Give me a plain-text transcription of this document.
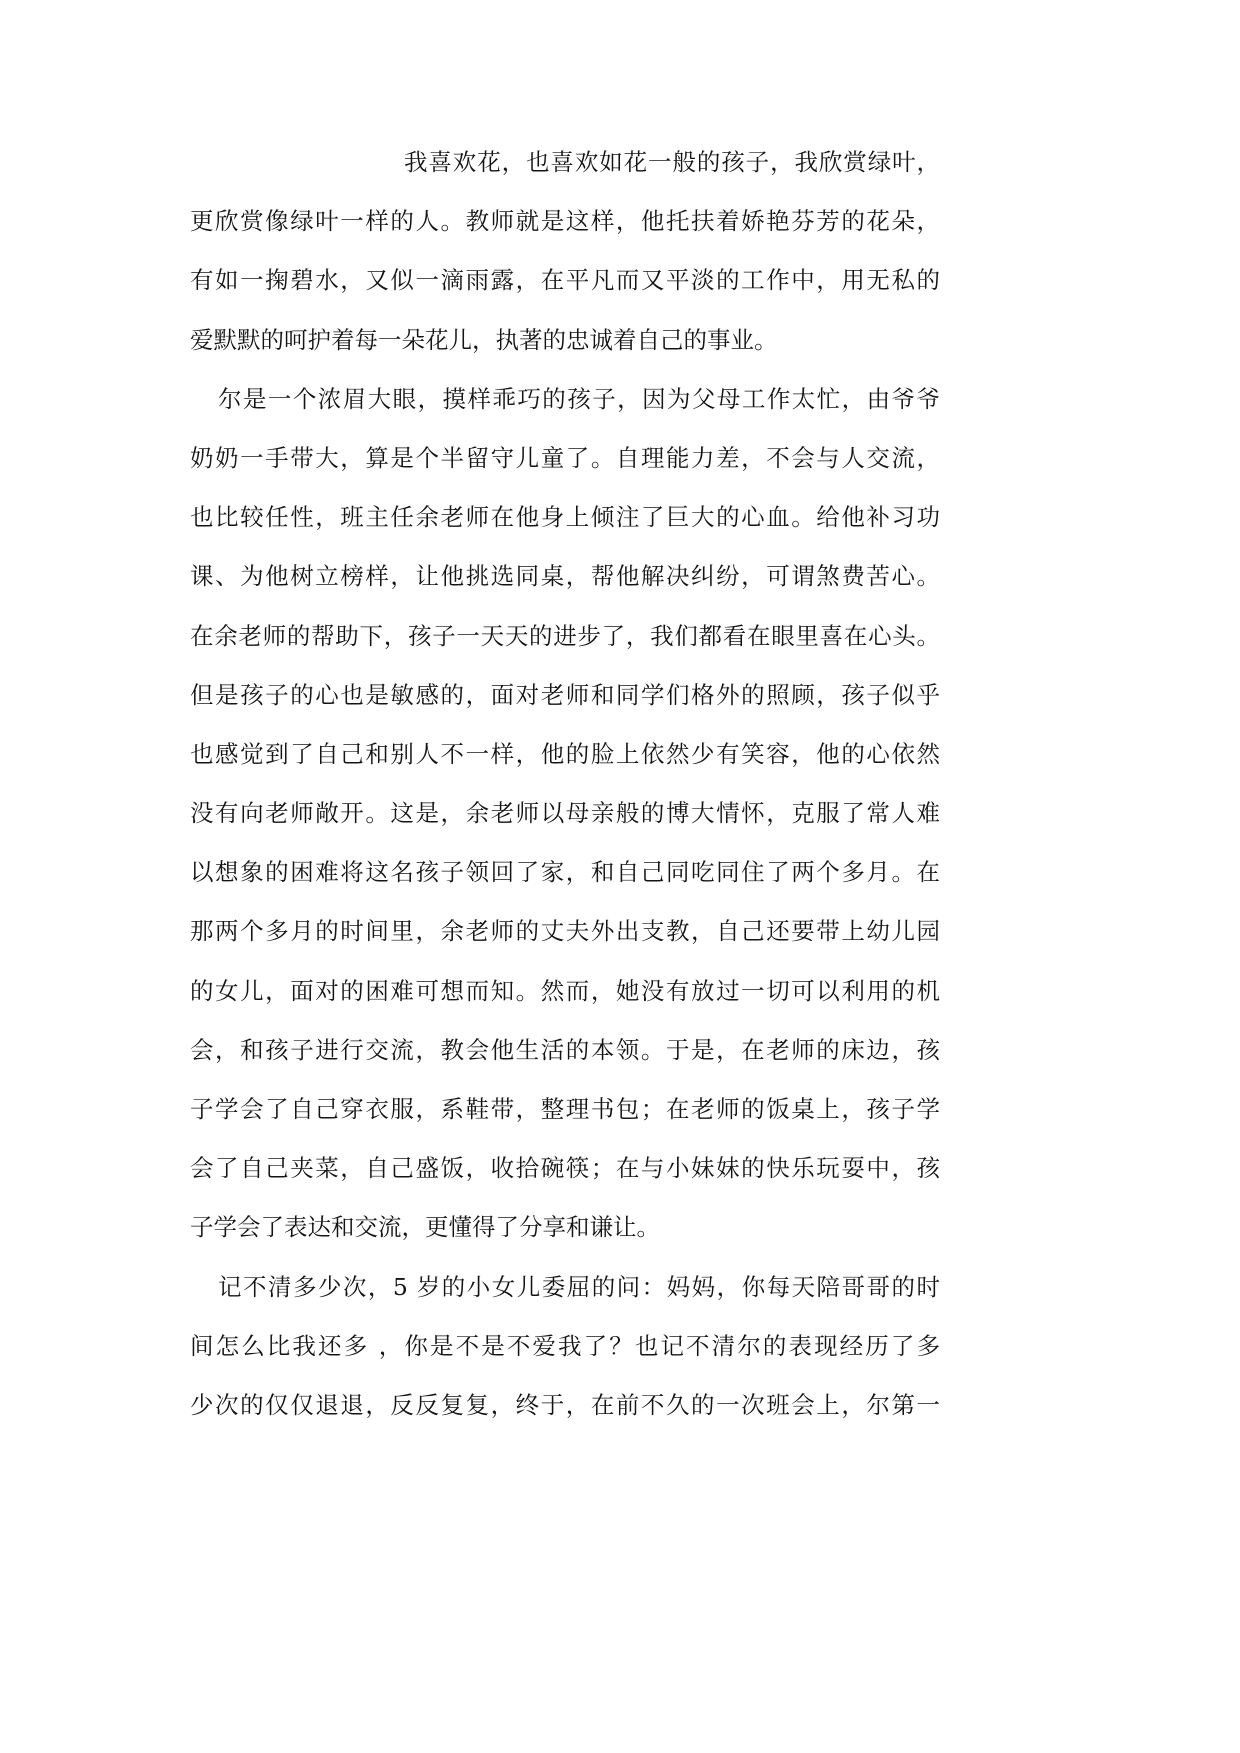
我喜欢花，也喜欢如花一般的孩子，我欣赏绿叶，
更欣赏像绿叶一样的人。教师就是这样，他托扶着娇艳芬芳的花朵，
有如一掬碧水，又似一滴雨露，在平凡而又平淡的工作中，用无私的
爱默默的呵护着每一朵花儿，执著的忠诚着自己的事业。
尔是一个浓眉大眼，摸样乖巧的孩子，因为父母工作太忙，由爷爷
奶奶一手带大，算是个半留守儿童了。自理能力差，不会与人交流，
也比较任性，班主任余老师在他身上倾注了巨大的心血。给他补习功
课、为他树立榜样，让他挑选同桌，帮他解决纠纷，可谓煞费苦心。
在余老师的帮助下，孩子一天天的进步了，我们都看在眼里喜在心头。
但是孩子的心也是敏感的，面对老师和同学们格外的照顾，孩子似乎
也感觉到了自己和别人不一样，他的脸上依然少有笑容，他的心依然
没有向老师敞开。这是，余老师以母亲般的博大情怀，克服了常人难
以想象的困难将这名孩子领回了家，和自己同吃同住了两个多月。在
那两个多月的时间里，余老师的丈夫外出支教，自己还要带上幼儿园
的女儿，面对的困难可想而知。然而，她没有放过一切可以利用的机
会，和孩子进行交流，教会他生活的本领。于是，在老师的床边，孩
子学会了自己穿衣服，系鞋带，整理书包；在老师的饭桌上，孩子学
会了自己夹菜，自己盛饭，收拾碗筷；在与小妹妹的快乐玩耍中，孩
子学会了表达和交流，更懂得了分享和谦让。
记不清多少次，5 岁的小女儿委屈的问：妈妈，你每天陪哥哥的时
间怎么比我还多 ，你是不是不爱我了？也记不清尔的表现经历了多
少次的仅仅退退，反反复复，终于，在前不久的一次班会上，尔第一
